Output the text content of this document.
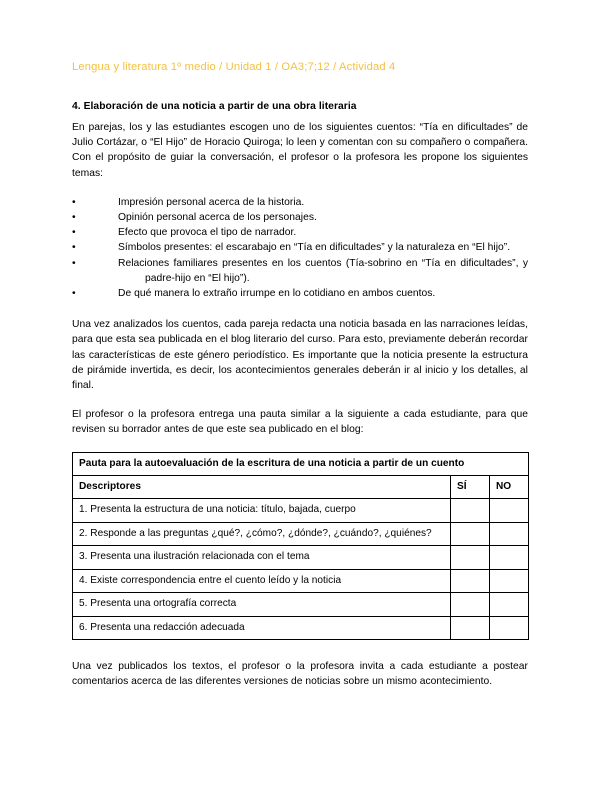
Lengua y literatura 1º medio / Unidad 1 / OA3;7;12 / Actividad 4
4. Elaboración de una noticia a partir de una obra literaria

En parejas, los y las estudiantes escogen uno de los siguientes cuentos: “Tía en dificultades” de Julio Cortázar, o “El Hijo” de Horacio Quiroga; lo leen y comentan con su compañero o compañera. Con el propósito de guiar la conversación, el profesor o la profesora les propone los siguientes temas:

•Impresión personal acerca de la historia.
•Opinión personal acerca de los personajes.
•Efecto que provoca el tipo de narrador.
•Símbolos presentes: el escarabajo en “Tía en dificultades” y la naturaleza en “El hijo”.
•Relaciones familiares presentes en los cuentos (Tía-sobrino en “Tía en dificultades”, y padre-hijo en “El hijo”).
•De qué manera lo extraño irrumpe en lo cotidiano en ambos cuentos.

Una vez analizados los cuentos, cada pareja redacta una noticia basada en las narraciones leídas, para que esta sea publicada en el blog literario del curso. Para esto, previamente deberán recordar las características de este género periodístico. Es importante que la noticia presente la estructura de pirámide invertida, es decir, los acontecimientos generales deberán ir al inicio y los detalles, al final.

El profesor o la profesora entrega una pauta similar a la siguiente a cada estudiante, para que revisen su borrador antes de que este sea publicado en el blog:

Pauta para la autoevaluación de la escritura de una noticia a partir de un cuento		
Descriptores	SÍ	NO
1. Presenta la estructura de una noticia: título, bajada, cuerpo		
2. Responde a las preguntas ¿qué?, ¿cómo?, ¿dónde?, ¿cuándo?, ¿quiénes?		
3. Presenta una ilustración relacionada con el tema		
4. Existe correspondencia entre el cuento leído y la noticia		
5. Presenta una ortografía correcta		
6. Presenta una redacción adecuada		

Una vez publicados los textos, el profesor o la profesora invita a cada estudiante a postear comentarios acerca de las diferentes versiones de noticias sobre un mismo acontecimiento.
